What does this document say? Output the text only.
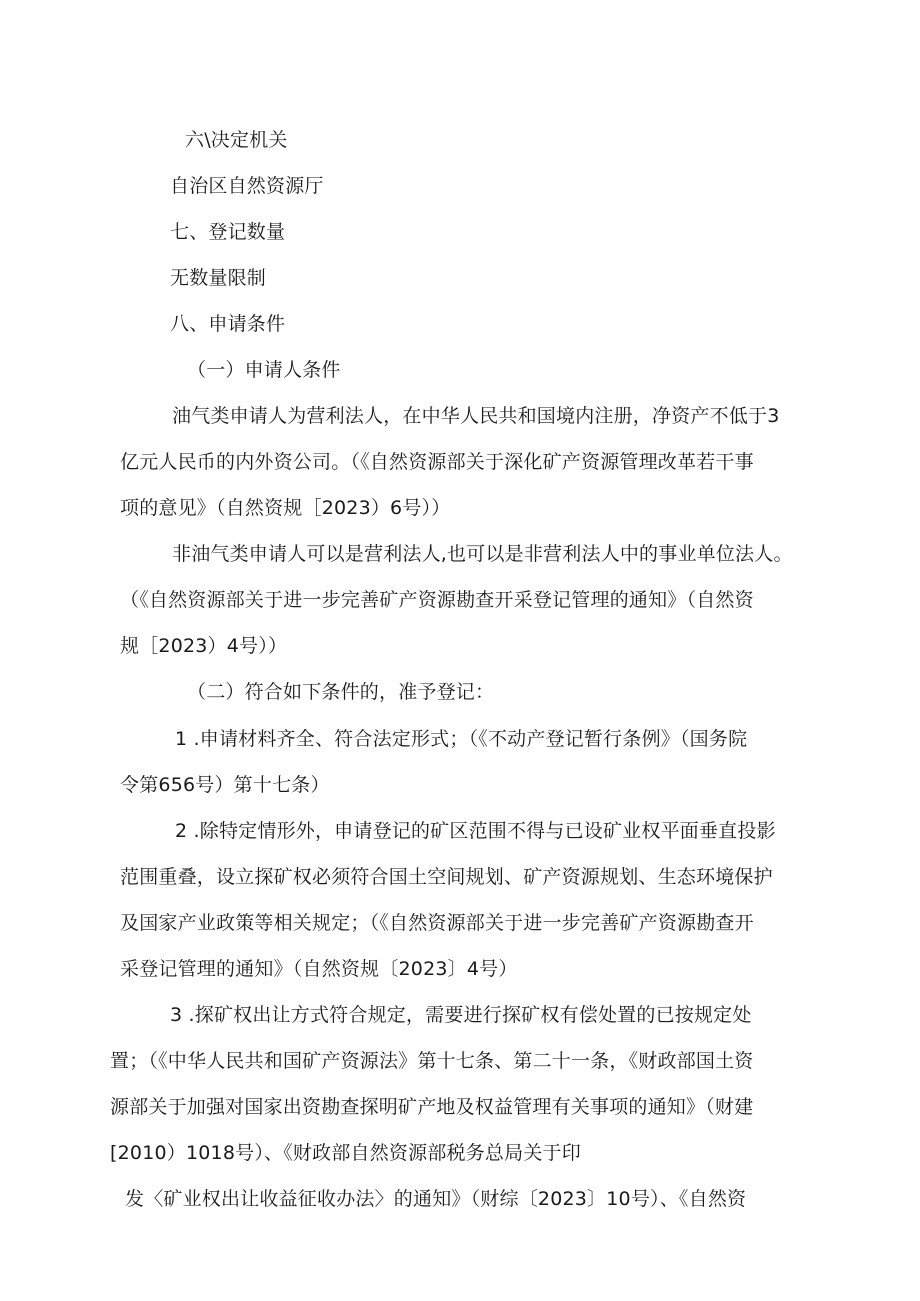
六\决定机关
自治区自然资源厅
七、登记数量
无数量限制
八、申请条件
（一）申请人条件
油气类申请人为营利法人，在中华人民共和国境内注册，净资产不低于3
亿元人民币的内外资公司。（《自然资源部关于深化矿产资源管理改革若干事
项的意见》（自然资规［2023）6号））
非油气类申请人可以是营利法人,也可以是非营利法人中的事业单位法人。
（《自然资源部关于进一步完善矿产资源勘查开采登记管理的通知》（自然资
规［2023）4号））
（二）符合如下条件的，准予登记：
1 .申请材料齐全、符合法定形式；（《不动产登记暂行条例》（国务院
令第656号）第十七条）
2 .除特定情形外，申请登记的矿区范围不得与已设矿业权平面垂直投影
范围重叠，设立探矿权必须符合国土空间规划、矿产资源规划、生态环境保护
及国家产业政策等相关规定；（《自然资源部关于进一步完善矿产资源勘查开
采登记管理的通知》（自然资规〔2023〕4号）
3 .探矿权出让方式符合规定，需要进行探矿权有偿处置的已按规定处
置；（《中华人民共和国矿产资源法》第十七条、第二十一条，《财政部国土资
源部关于加强对国家出资勘查探明矿产地及权益管理有关事项的通知》（财建
[2010）1018号）、《财政部自然资源部税务总局关于印
发〈矿业权出让收益征收办法〉的通知》（财综〔2023〕10号）、《自然资
